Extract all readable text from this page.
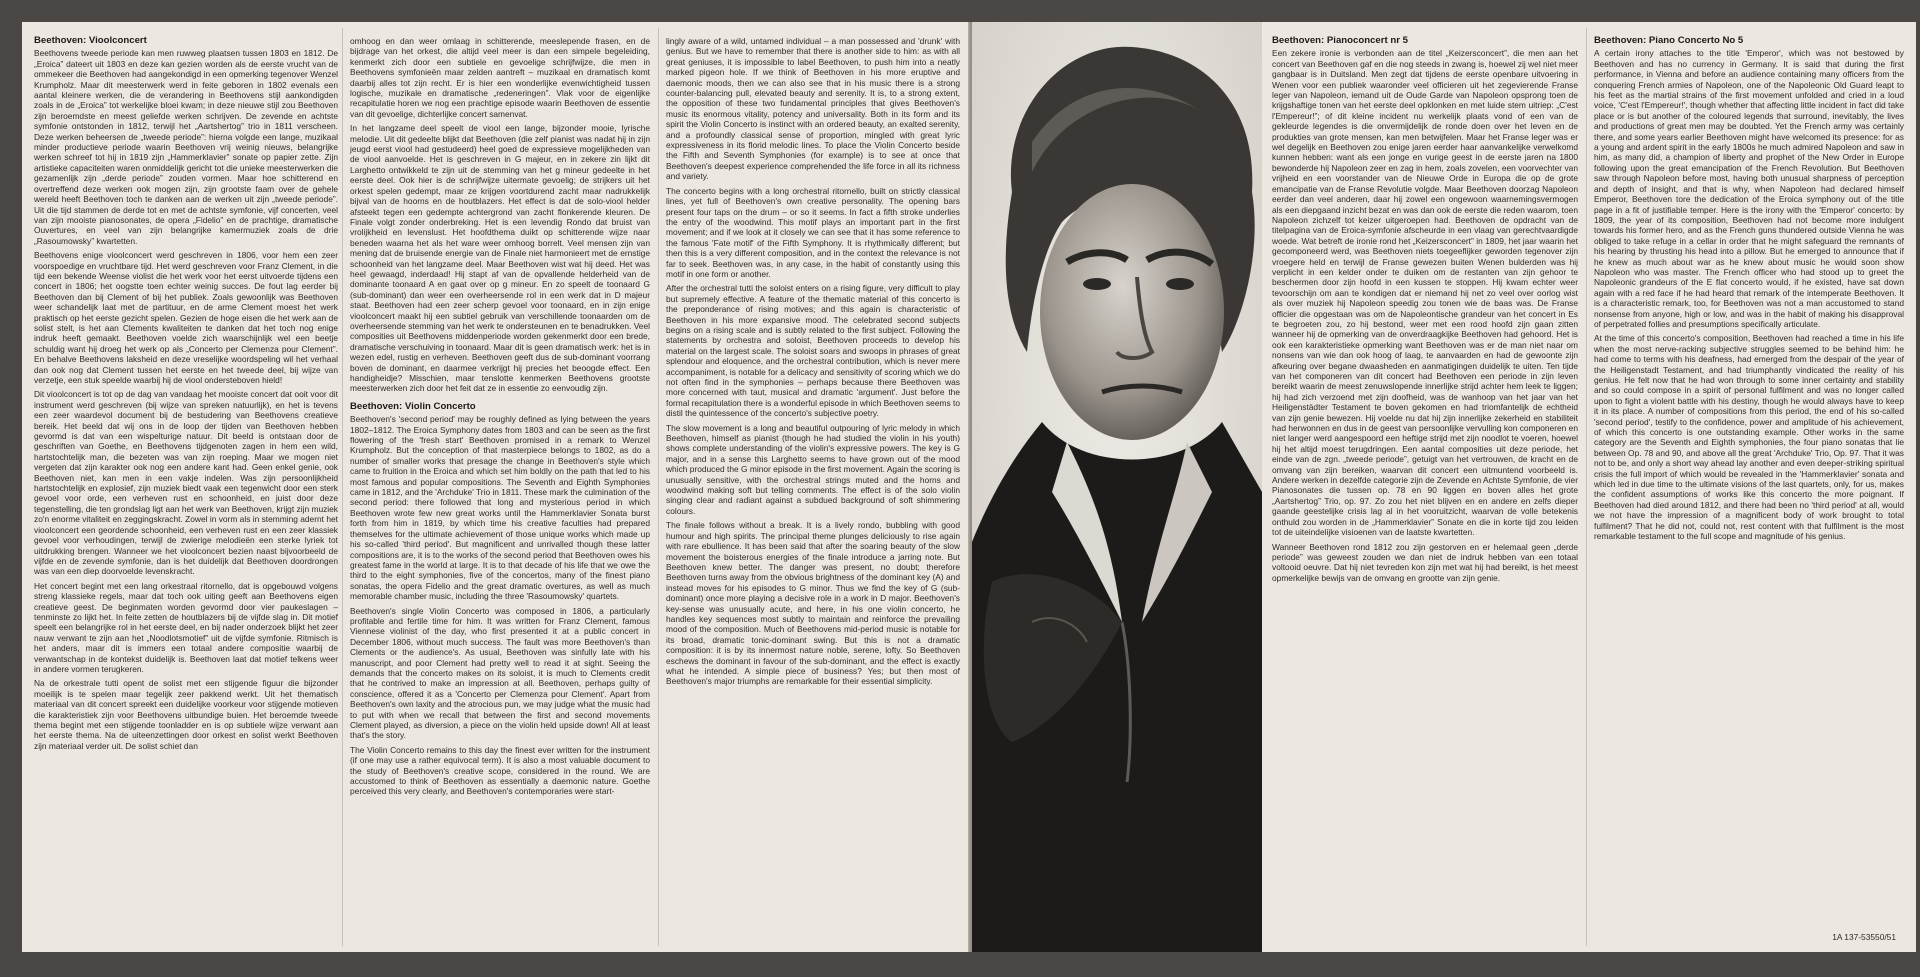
Beethoven: Vioolconcert

Beethovens tweede periode kan men ruwweg plaatsen tussen 1803 en 1812. De „Eroica” dateert uit 1803 en deze kan gezien worden als de eerste vrucht van de ommekeer die Beethoven had aangekondigd in een opmerking tegenover Wenzel Krumpholz. Maar dit meesterwerk werd in feite geboren in 1802 evenals een aantal kleinere werken, die de verandering in Beethovens stijl aankondigden zoals in de „Eroica” tot werkelijke bloei kwam; in deze nieuwe stijl zou Beethoven zijn beroemdste en meest geliefde werken schrijven. De zevende en achtste symfonie ontstonden in 1812, terwijl het „Aartshertog” trio in 1811 verscheen. Deze werken beheersen de „tweede periode”: hierna volgde een lange, muzikaal minder productieve periode waarin Beethoven vrij weinig nieuws, belangrijke werken schreef tot hij in 1819 zijn „Hammerklavier” sonate op papier zette. Zijn artistieke capaciteiten waren onmiddelijk gericht tot die unieke meesterwerken die gezamenlijk zijn „derde periode” zouden vormen. Maar hoe schitterend en overtreffend deze werken ook mogen zijn, zijn grootste faam over de gehele wereld heeft Beethoven toch te danken aan de werken uit zijn „tweede periode”. Uit die tijd stammen de derde tot en met de achtste symfonie, vijf concerten, veel van zijn mooiste pianosonates, de opera „Fidelio” en de prachtige, dramatische Ouvertures, en veel van zijn belangrijke kamermuziek zoals de drie „Rasoumowsky” kwartetten.

Beethovens enige vioolconcert werd geschreven in 1806, voor hem een zeer voorspoedige en vruchtbare tijd. Het werd geschreven voor Franz Clement, in die tijd een bekende Weense violist die het werk voor het eerst uitvoerde tijdens een concert in 1806; het oogstte toen echter weinig succes. De fout lag eerder bij Beethoven dan bij Clement of bij het publiek. Zoals gewoonlijk was Beethoven weer schandelijk laat met de partituur, en de arme Clement moest het werk praktisch op het eerste gezicht spelen. Gezien de hoge eisen die het werk aan de solist stelt, is het aan Clements kwaliteiten te danken dat het toch nog enige indruk heeft gemaakt. Beethoven voelde zich waarschijnlijk wel een beetje schuldig want hij droeg het werk op als „Concerto per Clemenza pour Clement”. En behalve Beethovens laksheid en deze vreselijke woordspeling wil het verhaal dan ook nog dat Clement tussen het eerste en het tweede deel, bij wijze van verzetje, een stuk speelde waarbij hij de viool ondersteboven hield!

Dit vioolconcert is tot op de dag van vandaag het mooiste concert dat ooit voor dit instrument werd geschreven (bij wijze van spreken natuurlijk), en het is tevens een zeer waardevol document bij de bestudering van Beethovens creatieve bereik. Het beeld dat wij ons in de loop der tijden van Beethoven hebben gevormd is dat van een wispelturige natuur. Dit beeld is ontstaan door de geschriften van Goethe, en Beethovens tijdgenoten zagen in hem een wild, hartstochtelijk man, die bezeten was van zijn roeping. Maar we mogen niet vergeten dat zijn karakter ook nog een andere kant had. Geen enkel genie, ook Beethoven niet, kan men in een vakje indelen. Was zijn persoonlijkheid hartstochtelijk en explosief, zijn muziek biedt vaak een tegenwicht door een sterk gevoel voor orde, een verheven rust en schoonheid, en juist door deze tegenstelling, die ten grondslag ligt aan het werk van Beethoven, krijgt zijn muziek zo'n enorme vitaliteit en zeggingskracht. Zowel in vorm als in stemming adernt het vioolconcert een geordende schoonheid, een verheven rust en een zeer klassiek gevoel voor verhoudingen, terwijl de zwierige melodieën een sterke lyriek tot uitdrukking brengen. Wanneer we het vioolconcert bezien naast bijvoorbeeld de vijfde en de zevende symfonie, dan is het duidelijk dat Beethoven doordrongen was van een diep doorvoelde levenskracht.

Het concert begint met een lang orkestraal ritornello, dat is opgebouwd volgens streng klassieke regels, maar dat toch ook uiting geeft aan Beethovens eigen creatieve geest. De beginmaten worden gevormd door vier paukeslagen – tenminste zo lijkt het. In feite zetten de houtblazers bij de vijfde slag in. Dit motief speelt een belangrijke rol in het eerste deel, en bij nader onderzoek blijkt het zeer nauw verwant te zijn aan het „Noodlotsmotief” uit de vijfde symfonie. Ritmisch is het anders, maar dit is immers een totaal andere compositie waarbij de verwantschap in de kontekst duidelijk is. Beethoven laat dat motief telkens weer in andere vormen terugkeren.

Na de orkestrale tutti opent de solist met een stijgende figuur die bijzonder moeilijk is te spelen maar tegelijk zeer pakkend werkt. Uit het thematisch materiaal van dit concert spreekt een duidelijke voorkeur voor stijgende motieven die karakteristiek zijn voor Beethovens uitbundige buien. Het beroemde tweede thema begint met een stijgende toonladder en is op subtiele wijze verwant aan het eerste thema. Na de uiteenzettingen door orkest en solist werkt Beethoven zijn materiaal verder uit. De solist schiet dan

omhoog en dan weer omlaag in schitterende, meeslepende frasen, en de bijdrage van het orkest, die altijd veel meer is dan een simpele begeleiding, kenmerkt zich door een subtiele en gevoelige schrijfwijze, die men in Beethovens symfonieën maar zelden aantreft – muzikaal en dramatisch komt daarbij alles tot zijn recht. Er is hier een wonderlijke evenwichtigheid tussen logische, muzikale en dramatische „redeneringen”. Vlak voor de eigenlijke recapitulatie horen we nog een prachtige episode waarin Beethoven de essentie van dit gevoelige, dichterlijke concert samenvat.

In het langzame deel speelt de viool een lange, bijzonder mooie, lyrische melodie. Uit dit gedeelte blijkt dat Beethoven (die zelf pianist was nadat hij in zijn jeugd eerst viool had gestudeerd) heel goed de expressieve mogelijkheden van de viool aanvoelde. Het is geschreven in G majeur, en in zekere zin lijkt dit Larghetto ontwikkeld te zijn uit de stemming van het g mineur gedeelte in het eerste deel. Ook hier is de schrijfwijze uitermate gevoelig; de strijkers uit het orkest spelen gedempt, maar ze krijgen voortdurend zacht maar nadrukkelijk bijval van de hoorns en de houtblazers. Het effect is dat de solo-viool helder afsteekt tegen een gedempte achtergrond van zacht flonkerende kleuren. De Finale volgt zonder onderbreking. Het is een levendig Rondo dat bruist van vrolijkheid en levenslust. Het hoofdthema duikt op schitterende wijze naar beneden waarna het als het ware weer omhoog borrelt. Veel mensen zijn van mening dat de bruisende energie van de Finale niet harmonieert met de ernstige schoonheid van het langzame deel. Maar Beethoven wist wat hij deed. Het was heel gewaagd, inderdaad! Hij stapt af van de opvallende helderheid van de dominante toonaard A en gaat over op g mineur. En zo speelt de toonaard G (sub-dominant) dan weer een overheersende rol in een werk dat in D majeur staat. Beethoven had een zeer scherp gevoel voor toonaard, en in zijn enige vioolconcert maakt hij een subtiel gebruik van verschillende toonaarden om de overheersende stemming van het werk te ondersteunen en te benadrukken. Veel composities uit Beethovens middenperiode worden gekenmerkt door een brede, dramatische verschuiving in toonaard. Maar dit is geen dramatisch werk: het is in wezen edel, rustig en verheven. Beethoven geeft dus de sub-dominant voorrang boven de dominant, en daarmee verkrijgt hij precies het beoogde effect. Een handigheidje? Misschien, maar tenslotte kenmerken Beethovens grootste meesterwerken zich door het feit dat ze in essentie zo eenvoudig zijn.

Beethoven: Violin Concerto

Beethoven's 'second period' may be roughly defined as lying between the years 1802–1812. The Eroica Symphony dates from 1803 and can be seen as the first flowering of the 'fresh start' Beethoven promised in a remark to Wenzel Krumpholz. But the conception of that masterpiece belongs to 1802, as do a number of smaller works that presage the change in Beethoven's style which came to fruition in the Eroica and which set him boldly on the path that led to his most famous and popular compositions. The Seventh and Eighth Symphonies came in 1812, and the 'Archduke' Trio in 1811. These mark the culmination of the second period: there followed that long and mysterious period in which Beethoven wrote few new great works until the Hammerklavier Sonata burst forth from him in 1819, by which time his creative faculties had prepared themselves for the ultimate achievement of those unique works which made up his so-called 'third period'. But magnificent and unrivalled though these latter compositions are, it is to the works of the second period that Beethoven owes his greatest fame in the world at large. It is to that decade of his life that we owe the third to the eight symphonies, five of the concertos, many of the finest piano sonatas, the opera Fidelio and the great dramatic overtures, as well as much memorable chamber music, including the three 'Rasoumowsky' quartets.

Beethoven's single Violin Concerto was composed in 1806, a particularly profitable and fertile time for him. It was written for Franz Clement, famous Viennese violinist of the day, who first presented it at a public concert in December 1806, without much success. The fault was more Beethoven's than Clements or the audience's. As usual, Beethoven was sinfully late with his manuscript, and poor Clement had pretty well to read it at sight. Seeing the demands that the concerto makes on its soloist, it is much to Clements credit that he contrived to make an impression at all. Beethoven, perhaps guilty of conscience, offered it as a 'Concerto per Clemenza pour Clement'. Apart from Beethoven's own laxity and the atrocious pun, we may judge what the music had to put with when we recall that between the first and second movements Clement played, as diversion, a piece on the violin held upside down! All at least that's the story.

The Violin Concerto remains to this day the finest ever written for the instrument (if one may use a rather equivocal term). It is also a most valuable document to the study of Beethoven's creative scope, considered in the round. We are accustomed to think of Beethoven as essentially a daemonic nature. Goethe perceived this very clearly, and Beethoven's contemporaries were start-

lingly aware of a wild, untamed individual – a man possessed and 'drunk' with genius. But we have to remember that there is another side to him: as with all great geniuses, it is impossible to label Beethoven, to push him into a neatly marked pigeon hole. If we think of Beethoven in his more eruptive and daemonic moods, then we can also see that in his music there is a strong counter-balancing pull, elevated beauty and serenity. It is, to a strong extent, the opposition of these two fundamental principles that gives Beethoven's music its enormous vitality, potency and universality. Both in its form and its spirit the Violin Concerto is instinct with an ordered beauty, an exalted serenity, and a profoundly classical sense of proportion, mingled with great lyric expressiveness in its florid melodic lines. To place the Violin Concerto beside the Fifth and Seventh Symphonies (for example) is to see at once that Beethoven's deepest experience comprehended the life force in all its richness and variety.

The concerto begins with a long orchestral ritornello, built on strictly classical lines, yet full of Beethoven's own creative personality. The opening bars present four taps on the drum – or so it seems. In fact a fifth stroke underlies the entry of the woodwind. This motif plays an important part in the first movement; and if we look at it closely we can see that it has some reference to the famous 'Fate motif' of the Fifth Symphony. It is rhythmically different; but then this is a very different composition, and in the context the relevance is not far to seek. Beethoven was, in any case, in the habit of constantly using this motif in one form or another.

After the orchestral tutti the soloist enters on a rising figure, very difficult to play but supremely effective. A feature of the thematic material of this concerto is the preponderance of rising motives; and this again is characteristic of Beethoven in his more expansive mood. The celebrated second subjects begins on a rising scale and is subtly related to the first subject. Following the statements by orchestra and soloist, Beethoven proceeds to develop his material on the largest scale. The soloist soars and swoops in phrases of great splendour and eloquence, and the orchestral contribution, which is never mere accompaniment, is notable for a delicacy and sensitivity of scoring which we do not often find in the symphonies – perhaps because there Beethoven was more concerned with taut, musical and dramatic 'argument'. Just before the formal recapitulation there is a wonderful episode in which Beethoven seems to distil the quintessence of the concerto's subjective poetry.

The slow movement is a long and beautiful outpouring of lyric melody in which Beethoven, himself as pianist (though he had studied the violin in his youth) shows complete understanding of the violin's expressive powers. The key is G major, and in a sense this Larghetto seems to have grown out of the mood which produced the G minor episode in the first movement. Again the scoring is unusually sensitive, with the orchestral strings muted and the horns and woodwind making soft but telling comments. The effect is of the solo violin singing clear and radiant against a subdued background of soft shimmering colours.

The finale follows without a break. It is a lively rondo, bubbling with good humour and high spirits. The principal theme plunges deliciously to rise again with rare ebullience. It has been said that after the soaring beauty of the slow movement the boisterous energies of the finale introduce a jarring note. But Beethoven knew better. The danger was present, no doubt; therefore Beethoven turns away from the obvious brightness of the dominant key (A) and instead moves for his episodes to G minor. Thus we find the key of G (sub-dominant) once more playing a decisive role in a work in D major. Beethoven's key-sense was unusually acute, and here, in his one violin concerto, he handles key sequences most subtly to maintain and reinforce the prevailing mood of the composition. Much of Beethovens mid-period music is notable for its broad, dramatic tonic-dominant swing. But this is not a dramatic composition: it is by its innermost nature noble, serene, lofty. So Beethoven eschews the dominant in favour of the sub-dominant, and the effect is exactly what he intended. A simple piece of business? Yes; but then most of Beethoven's major triumphs are remarkable for their essential simplicity.

Beethoven: Pianoconcert nr 5

Een zekere ironie is verbonden aan de titel „Keizersconcert”, die men aan het concert van Beethoven gaf en die nog steeds in zwang is, hoewel zij wel niet meer gangbaar is in Duitsland. Men zegt dat tijdens de eerste openbare uitvoering in Wenen voor een publiek waaronder veel officieren uit het zegevierende Franse leger van Napoleon, iemand uit de Oude Garde van Napoleon opsprong toen de krijgshaftige tonen van het eerste deel opklonken en met luide stem uitriep: „C'est l'Empereur!”; of dit kleine incident nu werkelijk plaats vond of een van de gekleurde legendes is die onvermijdelijk de ronde doen over het leven en de produkties van grote mensen, kan men betwijfelen. Maar het Franse leger was er wel degelijk en Beethoven zou enige jaren eerder haar aanvankelijke verwelkomd kunnen hebben: want als een jonge en vurige geest in de eerste jaren na 1800 bewonderde hij Napoleon zeer en zag in hem, zoals zovelen, een voorvechter van vrijheid en een voorstander van de Nieuwe Orde in Europa die op de grote emancipatie van de Franse Revolutie volgde. Maar Beethoven doorzag Napoleon eerder dan veel anderen, daar hij zowel een ongewoon waarnemingsvermogen als een diepgaand inzicht bezat en was dan ook de eerste die reden waarom, toen Napoleon zichzelf tot keizer uitgeroepen had. Beethoven de opdracht van de titelpagina van de Eroica-symfonie afscheurde in een vlaag van gerechtvaardigde woede. Wat betreft de ironie rond het „Keizersconcert” in 1809, het jaar waarin het gecomponeerd werd, was Beethoven niets toegeeflijker geworden tegenover zijn vroegere held en terwijl de Franse gewezen buiten Wenen bulderden was hij verplicht in een kelder onder te duiken om de restanten van zijn gehoor te beschermen door zijn hoofd in een kussen te stoppen. Hij kwam echter weer tevoorschijn om aan te kondigen dat er niemand hij net zo veel over oorlog wist als over muziek hij Napoleon speedig zou tonen wie de baas was. De Franse officier die opgestaan was om de Napoleontische grandeur van het concert in Es te begroeten zou, zo hij bestond, weer met een rood hoofd zijn gaan zitten wanneer hij de opmerking van de onverdraagkijke Beethoven had gehoord. Het is ook een karakteristieke opmerking want Beethoven was er de man niet naar om nonsens van wie dan ook hoog of laag, te aanvaarden en had de gewoonte zijn afkeuring over begane dwaasheden en aanmatigingen duidelijk te uiten. Ten tijde van het componeren van dit concert had Beethoven een periode in zijn leven bereikt waarin de meest zenuwslopende innerlijke strijd achter hem leek te liggen; hij had zich verzoend met zijn doofheid, was de wanhoop van het jaar van het Heiligenstädter Testament te boven gekomen en had triomfantelijk de echtheid van zijn genie bewezen. Hij voelde nu dat hij zijn innerlijke zekerheid en stabiliteit had herwonnen en dus in de geest van persoonlijke vervulling kon componeren en niet langer werd aangespoord een heftige strijd met zijn noodlot te voeren, hoewel hij het altijd moest terugdringen. Een aantal composities uit deze periode, het einde van de zgn. „tweede periode”, getuigt van het vertrouwen, de kracht en de omvang van zijn bereiken, waarvan dit concert een uitmuntend voorbeeld is. Andere werken in dezelfde categorie zijn de Zevende en Achtste Symfonie, de vier Pianosonates die tussen op. 78 en 90 liggen en boven alles het grote „Aartshertog” Trio, op. 97. Zo zou het niet blijven en en andere en zelfs dieper gaande geestelijke crisis lag al in het vooruitzicht, waarvan de volle betekenis onthuld zou worden in de „Hammerklavier” Sonate en die in korte tijd zou leiden tot de uiteindelijke visioenen van de laatste kwartetten.

Wanneer Beethoven rond 1812 zou zijn gestorven en er helemaal geen „derde periode” was geweest zouden we dan niet de indruk hebben van een totaal voltooid oeuvre. Dat hij niet tevreden kon zijn met wat hij had bereikt, is het meest opmerkelijke bewijs van de omvang en grootte van zijn genie.

Beethoven: Piano Concerto No 5

A certain irony attaches to the title 'Emperor', which was not bestowed by Beethoven and has no currency in Germany. It is said that during the first performance, in Vienna and before an audience containing many officers from the conquering French armies of Napoleon, one of the Napoleonic Old Guard leapt to his feet as the martial strains of the first movement unfolded and cried in a loud voice, 'C'est l'Empereur!', though whether that affecting little incident in fact did take place or is but another of the coloured legends that surround, inevitably, the lives and productions of great men may be doubted. Yet the French army was certainly there, and some years earlier Beethoven might have welcomed its presence: for as a young and ardent spirit in the early 1800s he much admired Napoleon and saw in him, as many did, a champion of liberty and prophet of the New Order in Europe following upon the great emancipation of the French Revolution. But Beethoven saw through Napoleon before most, having both unusual sharpness of perception and depth of insight, and that is why, when Napoleon had declared himself Emperor, Beethoven tore the dedication of the Eroica symphony out of the title page in a fit of justifiable temper. Here is the irony with the 'Emperor' concerto: by 1809, the year of its composition, Beethoven had not become more indulgent towards his former hero, and as the French guns thundered outside Vienna he was obliged to take refuge in a cellar in order that he might safeguard the remnants of his hearing by thrusting his head into a pillow. But he emerged to announce that if he knew as much about war as he knew about music he would soon show Napoleon who was master. The French officer who had stood up to greet the Napoleonic grandeurs of the E flat concerto would, if he existed, have sat down again with a red face if he had heard that remark of the intemperate Beethoven. It is a characteristic remark, too, for Beethoven was not a man accustomed to stand nonsense from anyone, high or low, and was in the habit of making his disapproval of perpetrated follies and presumptions specifically articulate.

At the time of this concerto's composition, Beethoven had reached a time in his life when the most nerve-racking subjective struggles seemed to be behind him: he had come to terms with his deafness, had emerged from the despair of the year of the Heiligenstadt Testament, and had triumphantly vindicated the reality of his genius. He felt now that he had won through to some inner certainty and stability and so could compose in a spirit of personal fulfilment and was no longer called upon to fight a violent battle with his destiny, though he would always have to keep it in its place. A number of compositions from this period, the end of his so-called 'second period', testify to the confidence, power and amplitude of his achievement, of which this concerto is one outstanding example. Other works in the same category are the Seventh and Eighth symphonies, the four piano sonatas that lie between Op. 78 and 90, and above all the great 'Archduke' Trio, Op. 97. That it was not to be, and only a short way ahead lay another and even deeper-striking spiritual crisis the full import of which would be revealed in the 'Hammerklavier' sonata and which led in due time to the ultimate visions of the last quartets, only, for us, makes the confident assumptions of works like this concerto the more poignant. If Beethoven had died around 1812, and there had been no 'third period' at all, would we not have the impression of a magnificent body of work brought to total fulfilment? That he did not, could not, rest content with that fulfilment is the most remarkable testament to the full scope and magnitude of his genius.

1A 137-53550/51
